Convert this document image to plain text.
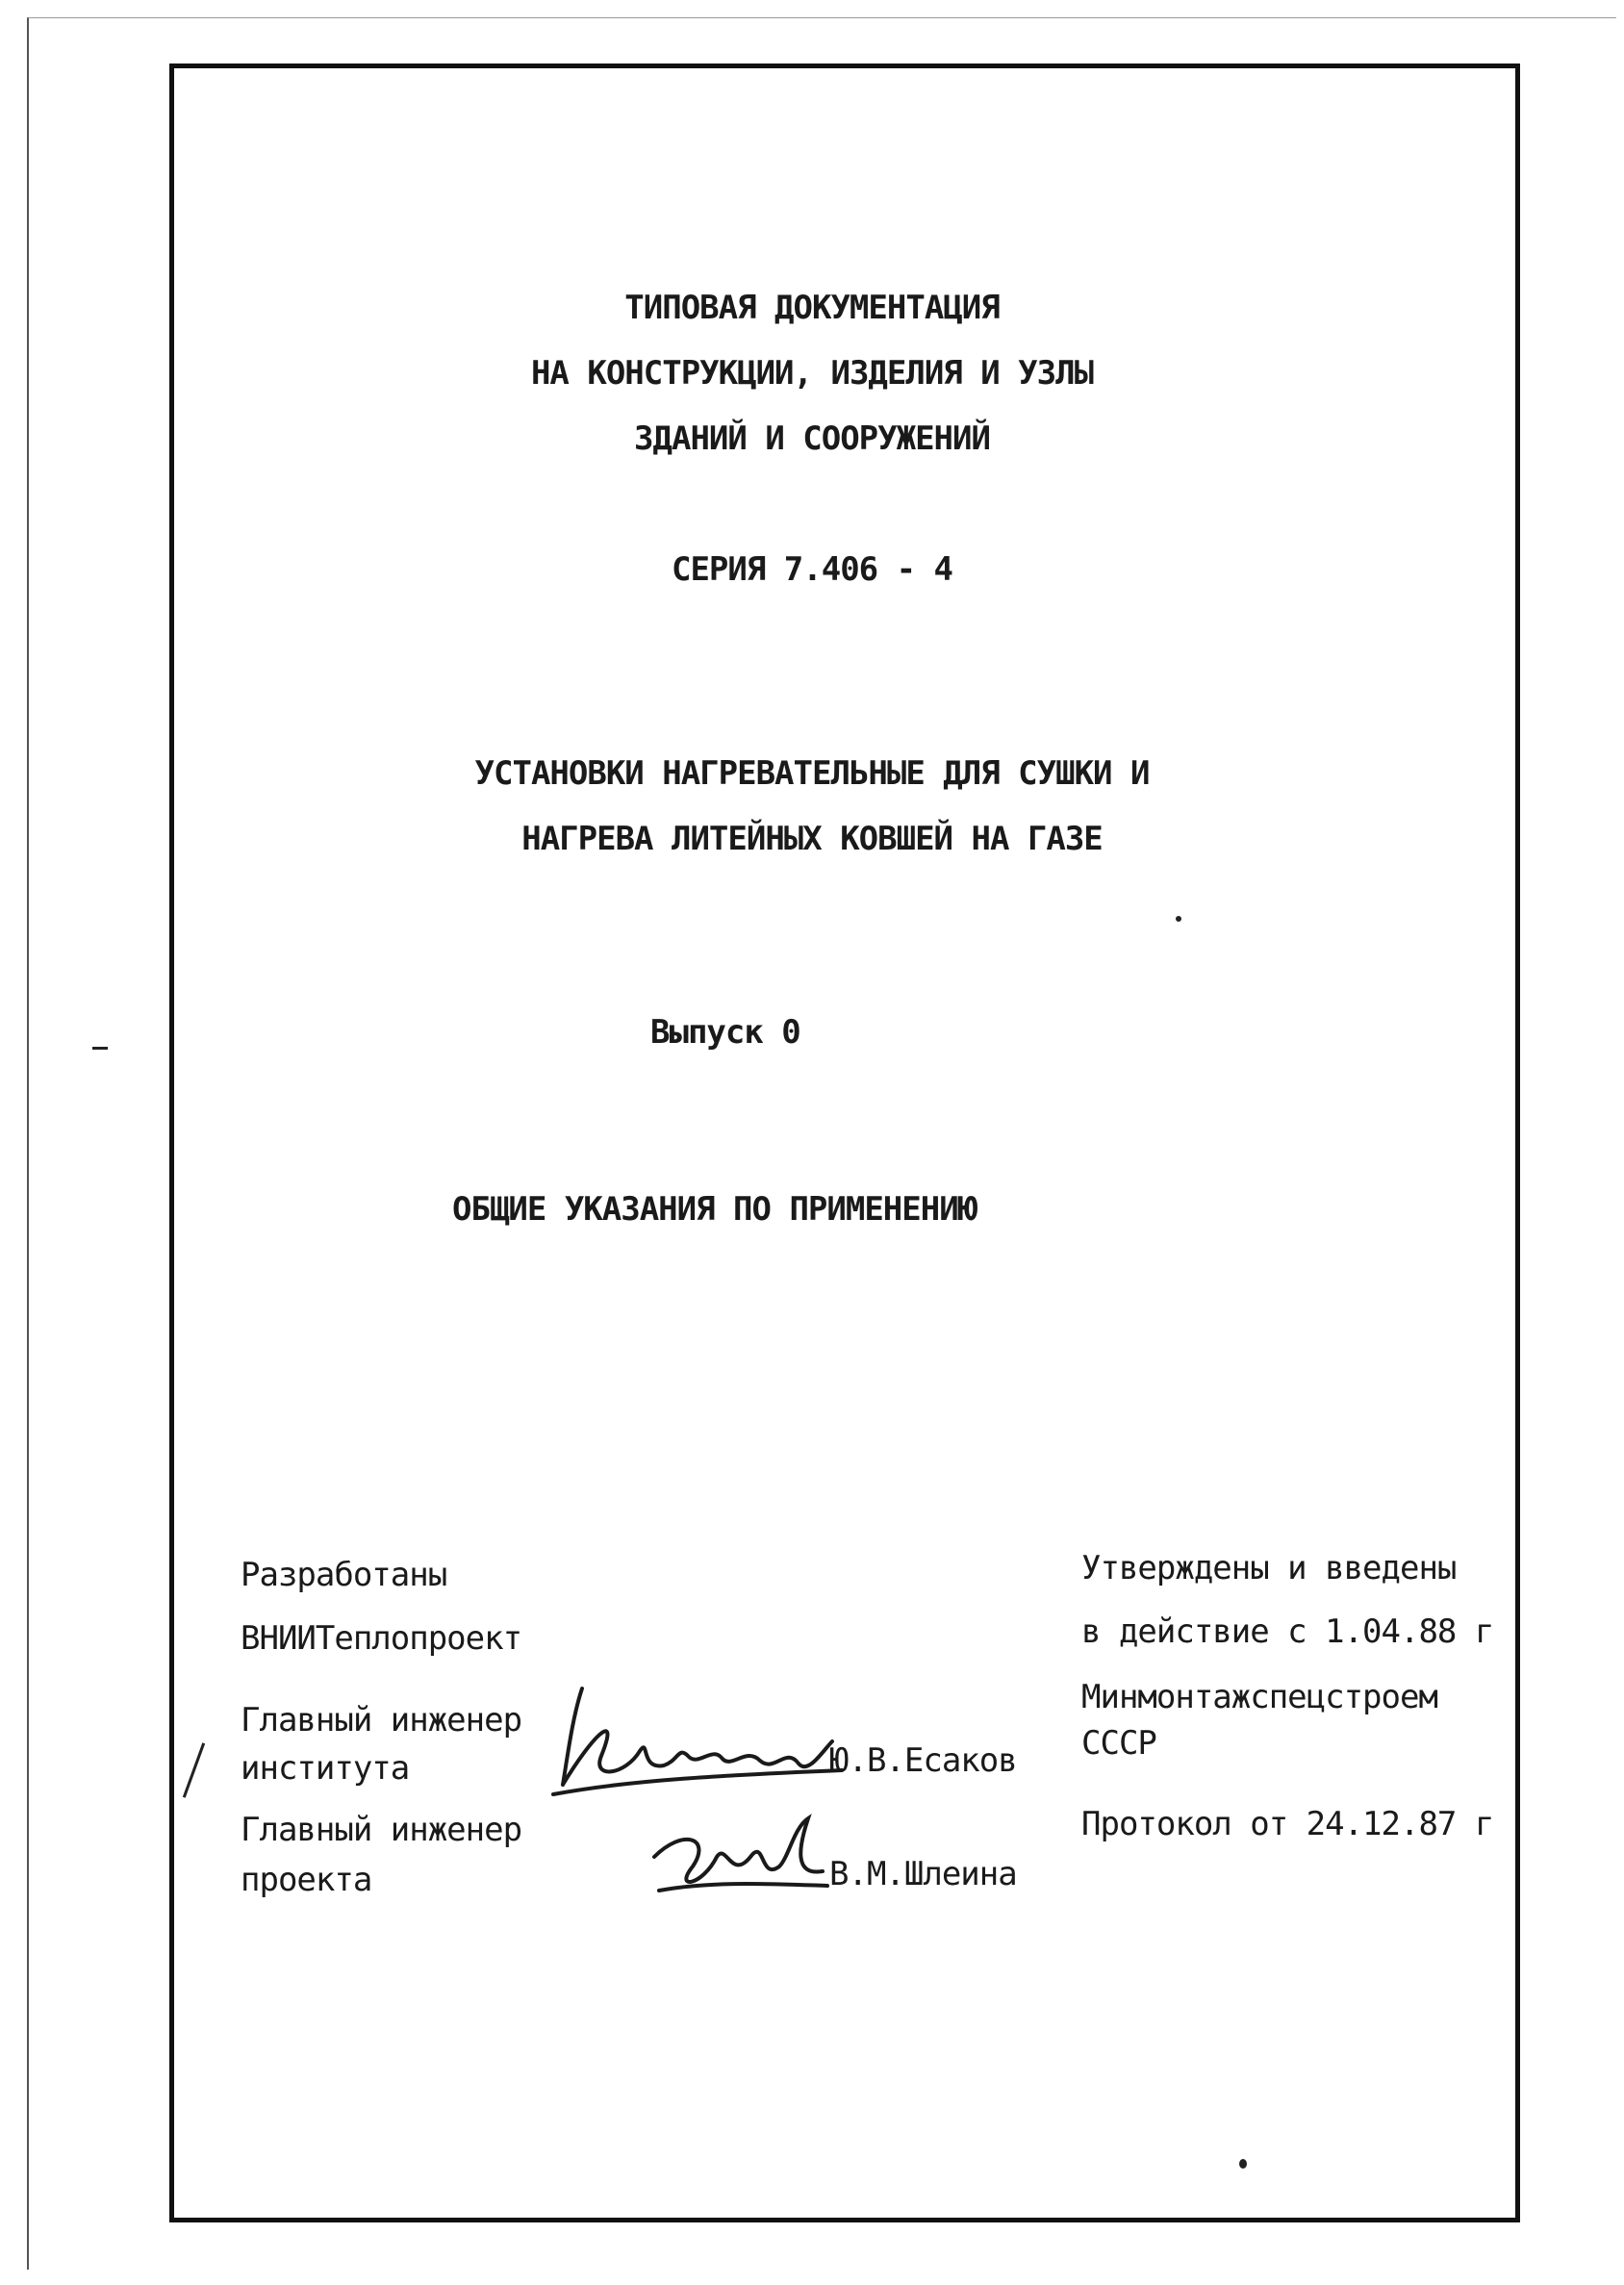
ТИПОВАЯ ДОКУМЕНТАЦИЯ
НА КОНСТРУКЦИИ, ИЗДЕЛИЯ И УЗЛЫ
ЗДАНИЙ И СООРУЖЕНИЙ
СЕРИЯ 7.406 - 4
УСТАНОВКИ НАГРЕВАТЕЛЬНЫЕ ДЛЯ СУШКИ И
НАГРЕВА ЛИТЕЙНЫХ КОВШЕЙ НА ГАЗЕ
Выпуск 0
ОБЩИЕ УКАЗАНИЯ ПО ПРИМЕНЕНИЮ
Разработаны
ВНИИТеплопроект
Главный инженер
института	Ю.В.Есаков
Главный инженер
проекта	В.М.Шлеина
Утверждены и введены
в действие с 1.04.88 г
Минмонтажспецстроем
СССР
Протокол от 24.12.87 г
